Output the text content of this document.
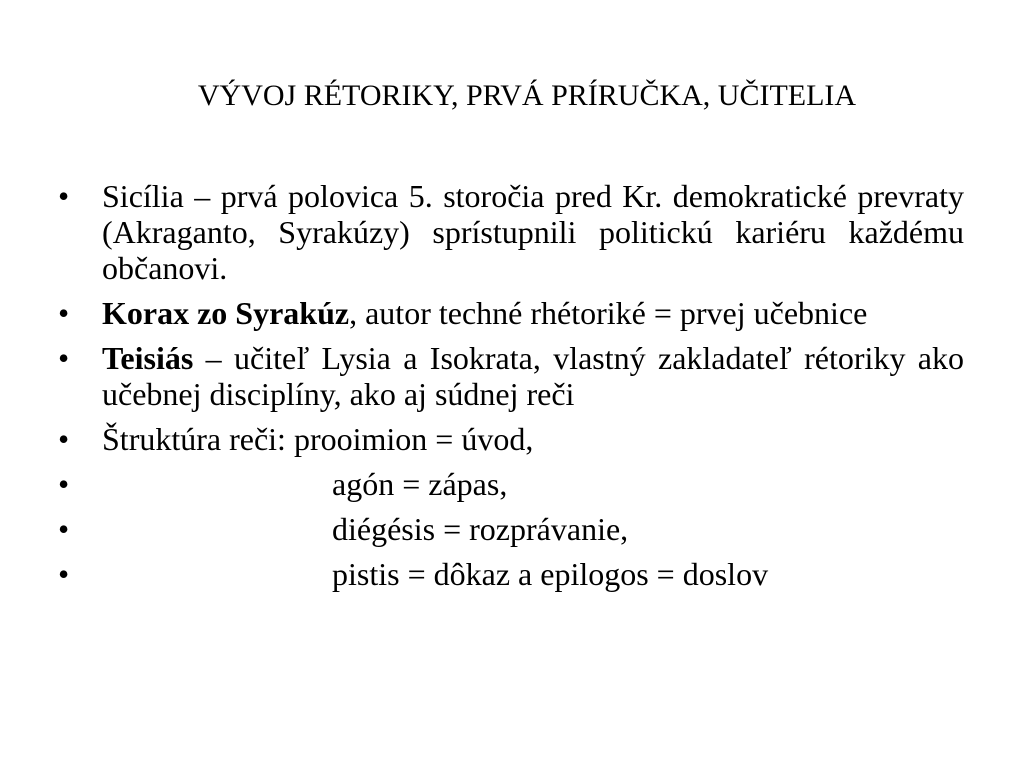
VÝVOJ RÉTORIKY, PRVÁ PRÍRUČKA, UČITELIA
•	Sicília – prvá polovica 5. storočia pred Kr. demokratické prevraty (Akraganto, Syrakúzy) sprístupnili politickú kariéru každému občanovi.
•	Korax zo Syrakúz, autor techné rhétoriké = prvej učebnice
•	Teisiás – učiteľ Lysia a Isokrata, vlastný zakladateľ rétoriky ako učebnej disciplíny, ako aj súdnej reči
•	Štruktúra reči: prooimion = úvod,
•	agón = zápas,
•	diégésis = rozprávanie,
•	pistis = dôkaz a epilogos = doslov
